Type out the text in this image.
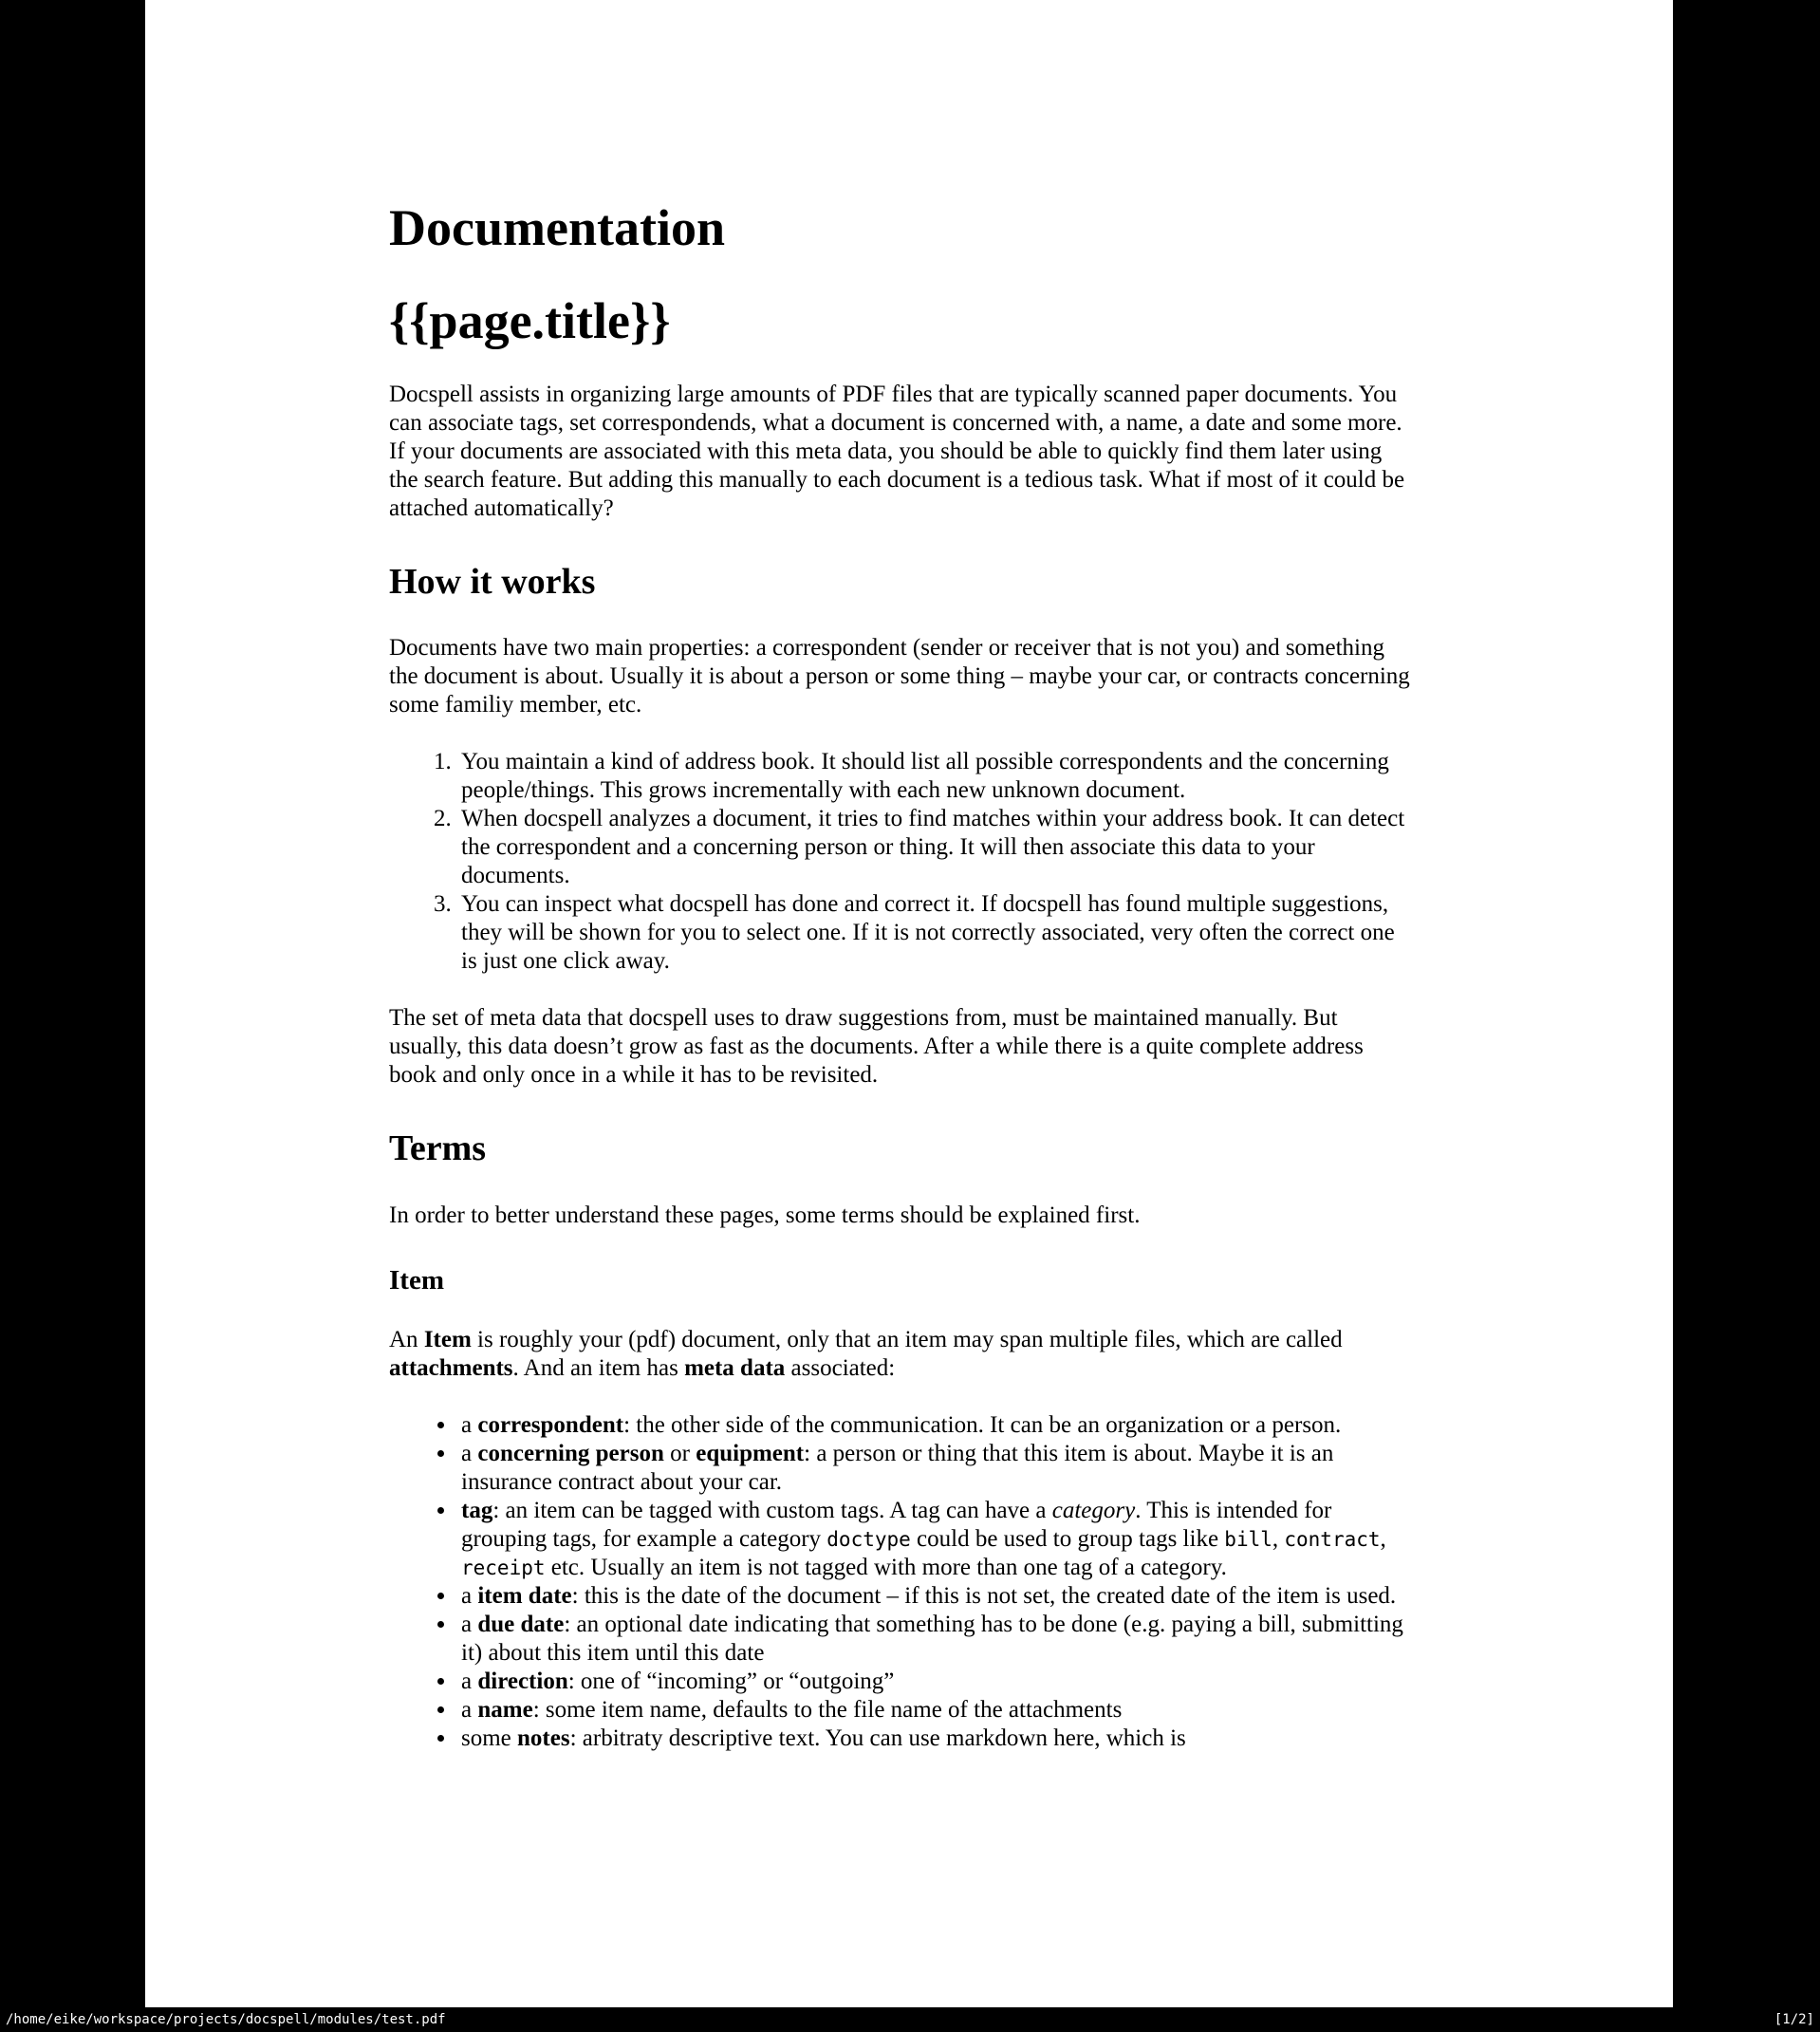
Documentation
{{page.title}}

Docspell assists in organizing large amounts of PDF files that are typically scanned paper documents. You can associate tags, set correspondends, what a document is concerned with, a name, a date and some more. If your documents are associated with this meta data, you should be able to quickly find them later using the search feature. But adding this manually to each document is a tedious task. What if most of it could be attached automatically?

How it works

Documents have two main properties: a correspondent (sender or receiver that is not you) and something the document is about. Usually it is about a person or some thing – maybe your car, or contracts concerning some familiy member, etc.

1. You maintain a kind of address book. It should list all possible correspondents and the concerning people/things. This grows incrementally with each new unknown document.
2. When docspell analyzes a document, it tries to find matches within your address book. It can detect the correspondent and a concerning person or thing. It will then associate this data to your documents.
3. You can inspect what docspell has done and correct it. If docspell has found multiple suggestions, they will be shown for you to select one. If it is not correctly associated, very often the correct one is just one click away.

The set of meta data that docspell uses to draw suggestions from, must be maintained manually. But usually, this data doesn’t grow as fast as the documents. After a while there is a quite complete address book and only once in a while it has to be revisited.

Terms

In order to better understand these pages, some terms should be explained first.

Item

An Item is roughly your (pdf) document, only that an item may span multiple files, which are called attachments. And an item has meta data associated:

• a correspondent: the other side of the communication. It can be an organization or a person.
• a concerning person or equipment: a person or thing that this item is about. Maybe it is an insurance contract about your car.
• tag: an item can be tagged with custom tags. A tag can have a category. This is intended for grouping tags, for example a category doctype could be used to group tags like bill, contract, receipt etc. Usually an item is not tagged with more than one tag of a category.
• a item date: this is the date of the document – if this is not set, the created date of the item is used.
• a due date: an optional date indicating that something has to be done (e.g. paying a bill, submitting it) about this item until this date
• a direction: one of “incoming” or “outgoing”
• a name: some item name, defaults to the file name of the attachments
• some notes: arbitraty descriptive text. You can use markdown here, which is
/home/eike/workspace/projects/docspell/modules/test.pdf	[1/2]
